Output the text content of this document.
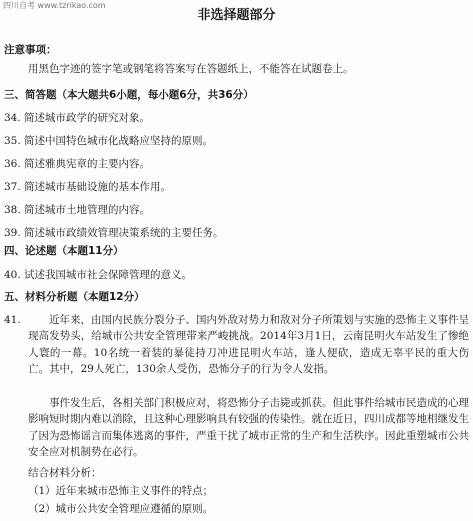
四川自考 www.tzrikao.com
非选择题部分
注意事项：
用黑色字迹的签字笔或钢笔将答案写在答题纸上，不能答在试题卷上。
三、简答题（本大题共6小题，每小题6分，共36分）
34. 简述城市政学的研究对象。
35. 简述中国特色城市化战略应坚持的原则。
36. 简述雅典宪章的主要内容。
37. 简述城市基础设施的基本作用。
38. 简述城市土地管理的内容。
39. 简述城市政绩效管理决策系统的主要任务。
四、论述题（本题11分）
40. 试述我国城市社会保障管理的意义。
五、材料分析题（本题12分）
41.	近年来，由国内民族分裂分子、国内外敌对势力和敌对分子所策划与实施的恐怖主义事件呈现高发势头，给城市公共安全管理带来严峻挑战。2014年3月1日，云南昆明火车站发生了惨绝人寰的一幕。10名统一着装的暴徒持刀冲进昆明火车站，逢人便砍，造成无辜平民的重大伤亡。其中，29人死亡，130余人受伤，恐怖分子的行为令人发指。
事件发生后，各相关部门积极应对，将恐怖分子击毙或抓获。但此事件给城市民造成的心理影响短时期内难以消除，且这种心理影响具有较强的传染性。就在近日，四川成都等地相继发生了因为恐怖谣言而集体逃离的事件，严重干扰了城市正常的生产和生活秩序。因此重塑城市公共安全应对机制势在必行。
结合材料分析：
（1）近年来城市恐怖主义事件的特点；
（2）城市公共安全管理应遵循的原则。
